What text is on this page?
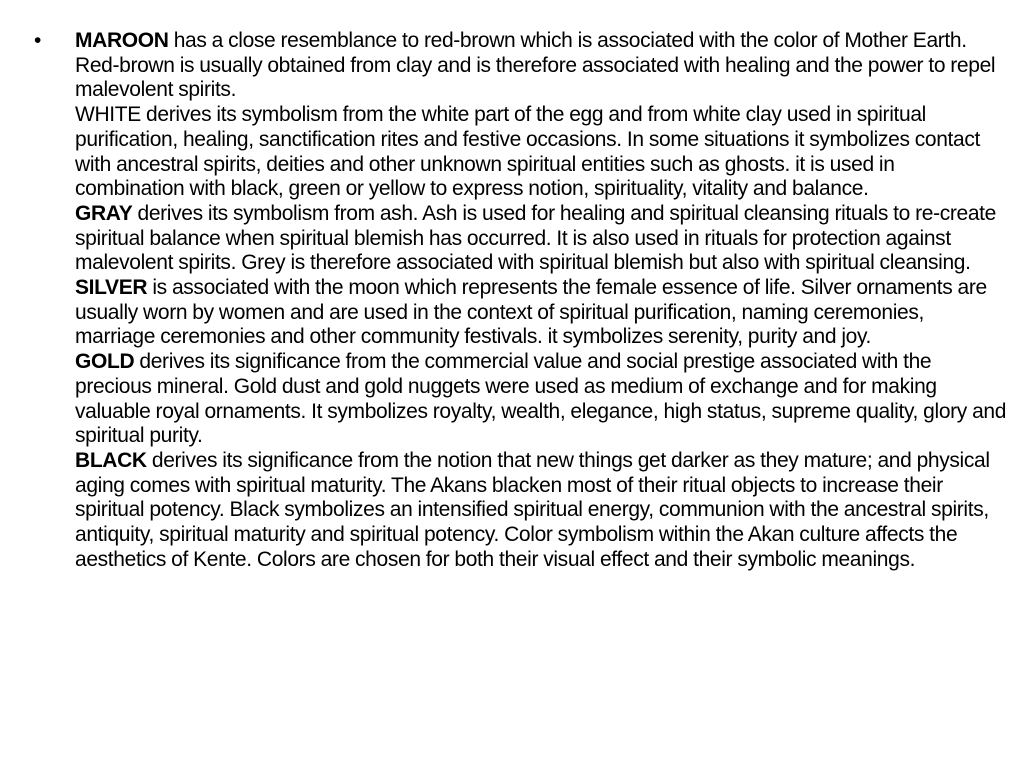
• MAROON has a close resemblance to red-brown which is associated with the color of Mother Earth. Red-brown is usually obtained from clay and is therefore associated with healing and the power to repel malevolent spirits.
WHITE derives its symbolism from the white part of the egg and from white clay used in spiritual purification, healing, sanctification rites and festive occasions. In some situations it symbolizes contact with ancestral spirits, deities and other unknown spiritual entities such as ghosts. it is used in combination with black, green or yellow to express notion, spirituality, vitality and balance.
GRAY derives its symbolism from ash. Ash is used for healing and spiritual cleansing rituals to re-create spiritual balance when spiritual blemish has occurred. It is also used in rituals for protection against malevolent spirits. Grey is therefore associated with spiritual blemish but also with spiritual cleansing.
SILVER is associated with the moon which represents the female essence of life. Silver ornaments are usually worn by women and are used in the context of spiritual purification, naming ceremonies, marriage ceremonies and other community festivals. it symbolizes serenity, purity and joy.
GOLD derives its significance from the commercial value and social prestige associated with the precious mineral. Gold dust and gold nuggets were used as medium of exchange and for making valuable royal ornaments. It symbolizes royalty, wealth, elegance, high status, supreme quality, glory and spiritual purity.
BLACK derives its significance from the notion that new things get darker as they mature; and physical aging comes with spiritual maturity. The Akans blacken most of their ritual objects to increase their spiritual potency. Black symbolizes an intensified spiritual energy, communion with the ancestral spirits, antiquity, spiritual maturity and spiritual potency. Color symbolism within the Akan culture affects the aesthetics of Kente. Colors are chosen for both their visual effect and their symbolic meanings.
